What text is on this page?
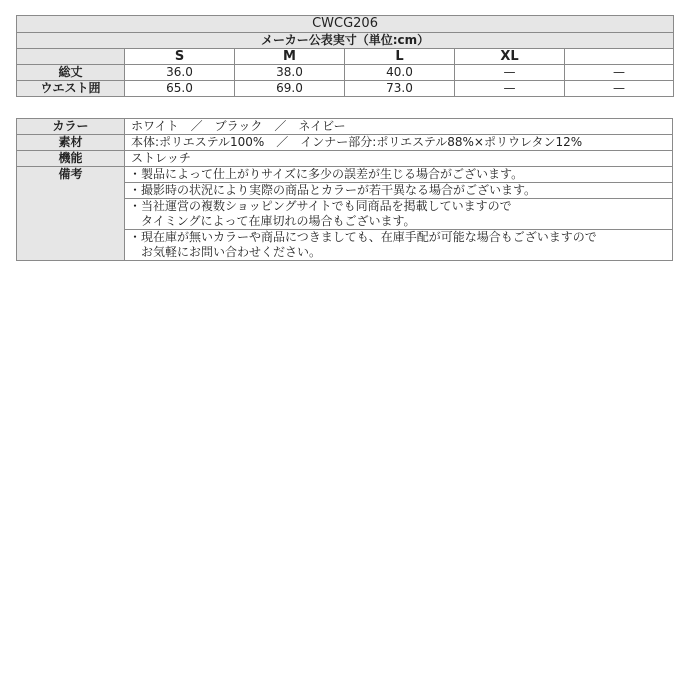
CWCG206					
メーカー公表実寸（単位:cm）					
	S	M	L	XL	
総丈	36.0	38.0	40.0	—	—
ウエスト囲	65.0	69.0	73.0	—	—
カラー	ホワイト　／　ブラック　／　ネイビー
素材	本体:ポリエステル100%　／　インナー部分:ポリエステル88%×ポリウレタン12%
機能	ストレッチ
備考	・製品によって仕上がりサイズに多少の誤差が生じる場合がございます。

	・撮影時の状況により実際の商品とカラーが若干異なる場合がございます。

	・当社運営の複数ショッピングサイトでも同商品を掲載していますので
　タイミングによって在庫切れの場合もございます。

	・現在庫が無いカラーや商品につきましても、在庫手配が可能な場合もございますので
　お気軽にお問い合わせください。
